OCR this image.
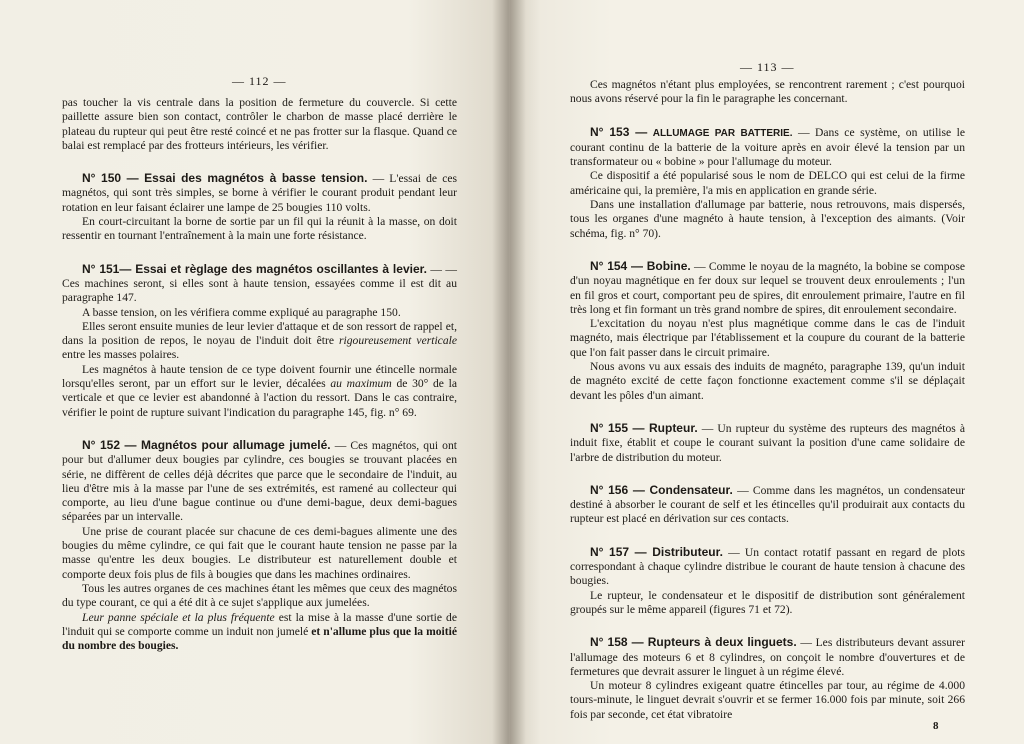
— 112 —

pas toucher la vis centrale dans la position de fermeture du couvercle. Si cette paillette assure bien son contact, contrôler le charbon de masse placé derrière le plateau du rupteur qui peut être resté coincé et ne pas frotter sur la flasque. Quand ce balai est remplacé par des frotteurs intérieurs, les vérifier.

N° 150 — Essai des magnétos à basse tension. — L'essai de ces magnétos, qui sont très simples, se borne à vérifier le courant produit pendant leur rotation en leur faisant éclairer une lampe de 25 bougies 110 volts.

En court-circuitant la borne de sortie par un fil qui la réunit à la masse, on doit ressentir en tournant l'entraînement à la main une forte résistance.

N° 151— Essai et règlage des magnétos oscillantes à levier. — — Ces machines seront, si elles sont à haute tension, essayées comme il est dit au paragraphe 147.

A basse tension, on les vérifiera comme expliqué au paragraphe 150.

Elles seront ensuite munies de leur levier d'attaque et de son ressort de rappel et, dans la position de repos, le noyau de l'induit doit être rigoureusement verticale entre les masses polaires.

Les magnétos à haute tension de ce type doivent fournir une étincelle normale lorsqu'elles seront, par un effort sur le levier, décalées au maximum de 30° de la verticale et que ce levier est abandonné à l'action du ressort. Dans le cas contraire, vérifier le point de rupture suivant l'indication du paragraphe 145, fig. n° 69.

N° 152 — Magnétos pour allumage jumelé. — Ces magnétos, qui ont pour but d'allumer deux bougies par cylindre, ces bougies se trouvant placées en série, ne diffèrent de celles déjà décrites que parce que le secondaire de l'induit, au lieu d'être mis à la masse par l'une de ses extrémités, est ramené au collecteur qui comporte, au lieu d'une bague continue ou d'une demi-bague, deux demi-bagues séparées par un intervalle.

Une prise de courant placée sur chacune de ces demi-bagues alimente une des bougies du même cylindre, ce qui fait que le courant haute tension ne passe par la masse qu'entre les deux bougies. Le distributeur est naturellement double et comporte deux fois plus de fils à bougies que dans les machines ordinaires.

Tous les autres organes de ces machines étant les mêmes que ceux des magnétos du type courant, ce qui a été dit à ce sujet s'applique aux jumelées.

Leur panne spéciale et la plus fréquente est la mise à la masse d'une sortie de l'induit qui se comporte comme un induit non jumelé et n'allume plus que la moitié du nombre des bougies.

— 113 —

Ces magnétos n'étant plus employées, se rencontrent rarement ; c'est pourquoi nous avons réservé pour la fin le paragraphe les concernant.

N° 153 — ALLUMAGE PAR BATTERIE. — Dans ce système, on utilise le courant continu de la batterie de la voiture après en avoir élevé la tension par un transformateur ou « bobine » pour l'allumage du moteur.

Ce dispositif a été popularisé sous le nom de DELCO qui est celui de la firme américaine qui, la première, l'a mis en application en grande série.

Dans une installation d'allumage par batterie, nous retrouvons, mais dispersés, tous les organes d'une magnéto à haute tension, à l'exception des aimants. (Voir schéma, fig. n° 70).

N° 154 — Bobine. — Comme le noyau de la magnéto, la bobine se compose d'un noyau magnétique en fer doux sur lequel se trouvent deux enroulements ; l'un en fil gros et court, comportant peu de spires, dit enroulement primaire, l'autre en fil très long et fin formant un très grand nombre de spires, dit enroulement secondaire.

L'excitation du noyau n'est plus magnétique comme dans le cas de l'induit magnéto, mais électrique par l'établissement et la coupure du courant de la batterie que l'on fait passer dans le circuit primaire.

Nous avons vu aux essais des induits de magnéto, paragraphe 139, qu'un induit de magnéto excité de cette façon fonctionne exactement comme s'il se déplaçait devant les pôles d'un aimant.

N° 155 — Rupteur. — Un rupteur du système des rupteurs des magnétos à induit fixe, établit et coupe le courant suivant la position d'une came solidaire de l'arbre de distribution du moteur.

N° 156 — Condensateur. — Comme dans les magnétos, un condensateur destiné à absorber le courant de self et les étincelles qu'il produirait aux contacts du rupteur est placé en dérivation sur ces contacts.

N° 157 — Distributeur. — Un contact rotatif passant en regard de plots correspondant à chaque cylindre distribue le courant de haute tension à chacune des bougies.

Le rupteur, le condensateur et le dispositif de distribution sont généralement groupés sur le même appareil (figures 71 et 72).

N° 158 — Rupteurs à deux linguets. — Les distributeurs devant assurer l'allumage des moteurs 6 et 8 cylindres, on conçoit le nombre d'ouvertures et de fermetures que devrait assurer le linguet à un régime élevé.

Un moteur 8 cylindres exigeant quatre étincelles par tour, au régime de 4.000 tours-minute, le linguet devrait s'ouvrir et se fermer 16.000 fois par minute, soit 266 fois par seconde, cet état vibratoire

8
